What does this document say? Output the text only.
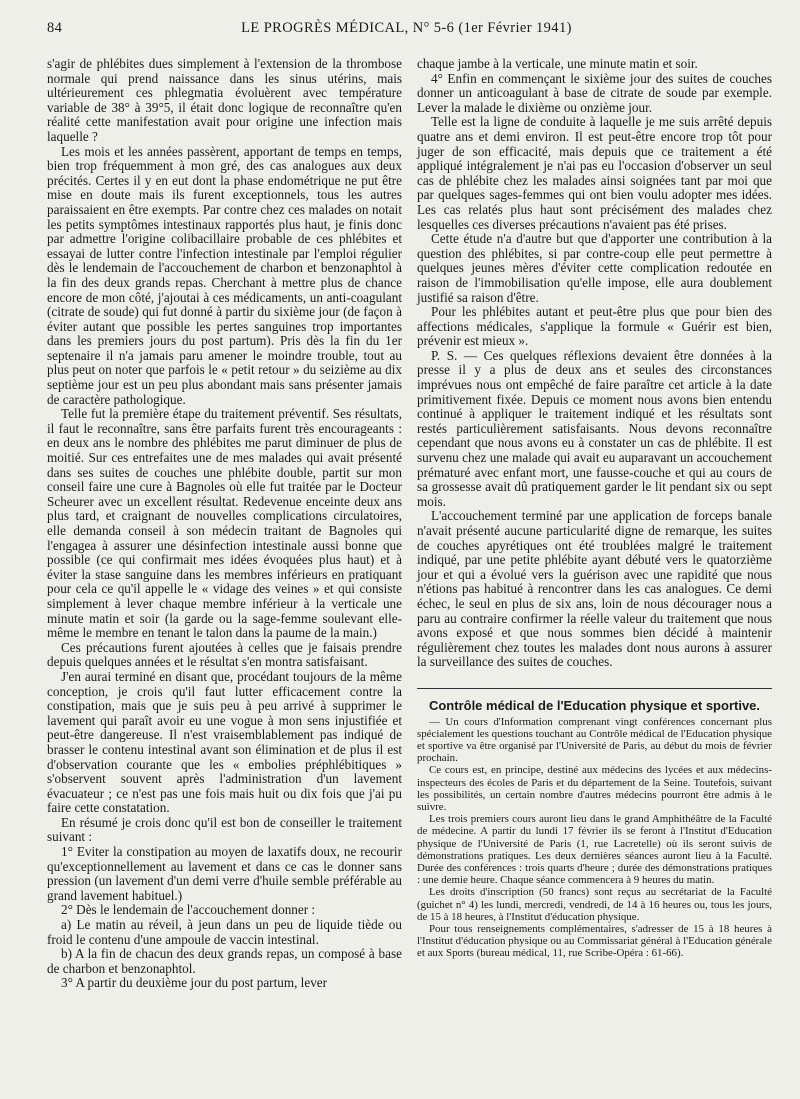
84	LE PROGRÈS MÉDICAL, N° 5-6 (1er Février 1941)

s'agir de phlébites dues simplement à l'extension de la thrombose normale qui prend naissance dans les sinus utérins, mais ultérieurement ces phlegmatia évoluèrent avec température variable de 38° à 39°5, il était donc logique de reconnaître qu'en réalité cette manifestation avait pour origine une infection mais laquelle ?

Les mois et les années passèrent, apportant de temps en temps, bien trop fréquemment à mon gré, des cas analogues aux deux précités. Certes il y en eut dont la phase endométrique ne put être mise en doute mais ils furent exceptionnels, tous les autres paraissaient en être exempts. Par contre chez ces malades on notait les petits symptômes intestinaux rapportés plus haut, je finis donc par admettre l'origine colibacillaire probable de ces phlébites et essayai de lutter contre l'infection intestinale par l'emploi régulier dès le lendemain de l'accouchement de charbon et benzonaphtol à la fin des deux grands repas. Cherchant à mettre plus de chance encore de mon côté, j'ajoutai à ces médicaments, un anti-coagulant (citrate de soude) qui fut donné à partir du sixième jour (de façon à éviter autant que possible les pertes sanguines trop importantes dans les premiers jours du post partum). Pris dès la fin du 1er septenaire il n'a jamais paru amener le moindre trouble, tout au plus peut on noter que parfois le « petit retour » du seizième au dix septième jour est un peu plus abondant mais sans présenter jamais de caractère pathologique.

Telle fut la première étape du traitement préventif. Ses résultats, il faut le reconnaître, sans être parfaits furent très encourageants : en deux ans le nombre des phlébites me parut diminuer de plus de moitié. Sur ces entrefaites une de mes malades qui avait présenté dans ses suites de couches une phlébite double, partit sur mon conseil faire une cure à Bagnoles où elle fut traitée par le Docteur Scheurer avec un excellent résultat. Redevenue enceinte deux ans plus tard, et craignant de nouvelles complications circulatoires, elle demanda conseil à son médecin traitant de Bagnoles qui l'engagea à assurer une désinfection intestinale aussi bonne que possible (ce qui confirmait mes idées évoquées plus haut) et à éviter la stase sanguine dans les membres inférieurs en pratiquant pour cela ce qu'il appelle le « vidage des veines » et qui consiste simplement à lever chaque membre inférieur à la verticale une minute matin et soir (la garde ou la sage-femme soulevant elle-même le membre en tenant le talon dans la paume de la main.)

Ces précautions furent ajoutées à celles que je faisais prendre depuis quelques années et le résultat s'en montra satisfaisant.

J'en aurai terminé en disant que, procédant toujours de la même conception, je crois qu'il faut lutter efficacement contre la constipation, mais que je suis peu à peu arrivé à supprimer le lavement qui paraît avoir eu une vogue à mon sens injustifiée et peut-être dangereuse. Il n'est vraisemblablement pas indiqué de brasser le contenu intestinal avant son élimination et de plus il est d'observation courante que les « embolies préphlébitiques » s'observent souvent après l'administration d'un lavement évacuateur ; ce n'est pas une fois mais huit ou dix fois que j'ai pu faire cette constatation.

En résumé je crois donc qu'il est bon de conseiller le traitement suivant :

1° Eviter la constipation au moyen de laxatifs doux, ne recourir qu'exceptionnellement au lavement et dans ce cas le donner sans pression (un lavement d'un demi verre d'huile semble préférable au grand lavement habituel.)

2° Dès le lendemain de l'accouchement donner :

a) Le matin au réveil, à jeun dans un peu de liquide tiède ou froid le contenu d'une ampoule de vaccin intestinal.

b) A la fin de chacun des deux grands repas, un composé à base de charbon et benzonaphtol.

3° A partir du deuxième jour du post partum, lever

chaque jambe à la verticale, une minute matin et soir.

4° Enfin en commençant le sixième jour des suites de couches donner un anticoagulant à base de citrate de soude par exemple. Lever la malade le dixième ou onzième jour.

Telle est la ligne de conduite à laquelle je me suis arrêté depuis quatre ans et demi environ. Il est peut-être encore trop tôt pour juger de son efficacité, mais depuis que ce traitement a été appliqué intégralement je n'ai pas eu l'occasion d'observer un seul cas de phlébite chez les malades ainsi soignées tant par moi que par quelques sages-femmes qui ont bien voulu adopter mes idées. Les cas relatés plus haut sont précisément des malades chez lesquelles ces diverses précautions n'avaient pas été prises.

Cette étude n'a d'autre but que d'apporter une contribution à la question des phlébites, si par contre-coup elle peut permettre à quelques jeunes mères d'éviter cette complication redoutée en raison de l'immobilisation qu'elle impose, elle aura doublement justifié sa raison d'être.

Pour les phlébites autant et peut-être plus que pour bien des affections médicales, s'applique la formule « Guérir est bien, prévenir est mieux ».

P. S. — Ces quelques réflexions devaient être données à la presse il y a plus de deux ans et seules des circonstances imprévues nous ont empêché de faire paraître cet article à la date primitivement fixée. Depuis ce moment nous avons bien entendu continué à appliquer le traitement indiqué et les résultats sont restés particulièrement satisfaisants. Nous devons reconnaître cependant que nous avons eu à constater un cas de phlébite. Il est survenu chez une malade qui avait eu auparavant un accouchement prématuré avec enfant mort, une fausse-couche et qui au cours de sa grossesse avait dû pratiquement garder le lit pendant six ou sept mois.

L'accouchement terminé par une application de forceps banale n'avait présenté aucune particularité digne de remarque, les suites de couches apyrétiques ont été troublées malgré le traitement indiqué, par une petite phlébite ayant débuté vers le quatorzième jour et qui a évolué vers la guérison avec une rapidité que nous n'étions pas habitué à rencontrer dans les cas analogues. Ce demi échec, le seul en plus de six ans, loin de nous décourager nous a paru au contraire confirmer la réelle valeur du traitement que nous avons exposé et que nous sommes bien décidé à maintenir régulièrement chez toutes les malades dont nous aurons à assurer la surveillance des suites de couches.

Contrôle médical de l'Education physique et sportive.

— Un cours d'Information comprenant vingt conférences concernant plus spécialement les questions touchant au Contrôle médical de l'Education physique et sportive va être organisé par l'Université de Paris, au début du mois de février prochain.

Ce cours est, en principe, destiné aux médecins des lycées et aux médecins-inspecteurs des écoles de Paris et du département de la Seine. Toutefois, suivant les possibilités, un certain nombre d'autres médecins pourront être admis à le suivre.

Les trois premiers cours auront lieu dans le grand Amphithéâtre de la Faculté de médecine. A partir du lundi 17 février ils se feront à l'Institut d'Education physique de l'Université de Paris (1, rue Lacretelle) où ils seront suivis de démonstrations pratiques. Les deux dernières séances auront lieu à la Faculté. Durée des conférences : trois quarts d'heure ; durée des démonstrations pratiques : une demie heure. Chaque séance commencera à 9 heures du matin.

Les droits d'inscription (50 francs) sont reçus au secrétariat de la Faculté (guichet n° 4) les lundi, mercredi, vendredi, de 14 à 16 heures ou, tous les jours, de 15 à 18 heures, à l'Institut d'éducation physique.

Pour tous renseignements complémentaires, s'adresser de 15 à 18 heures à l'Institut d'éducation physique ou au Commissariat général à l'Education générale et aux Sports (bureau médical, 11, rue Scribe-Opéra : 61-66).
